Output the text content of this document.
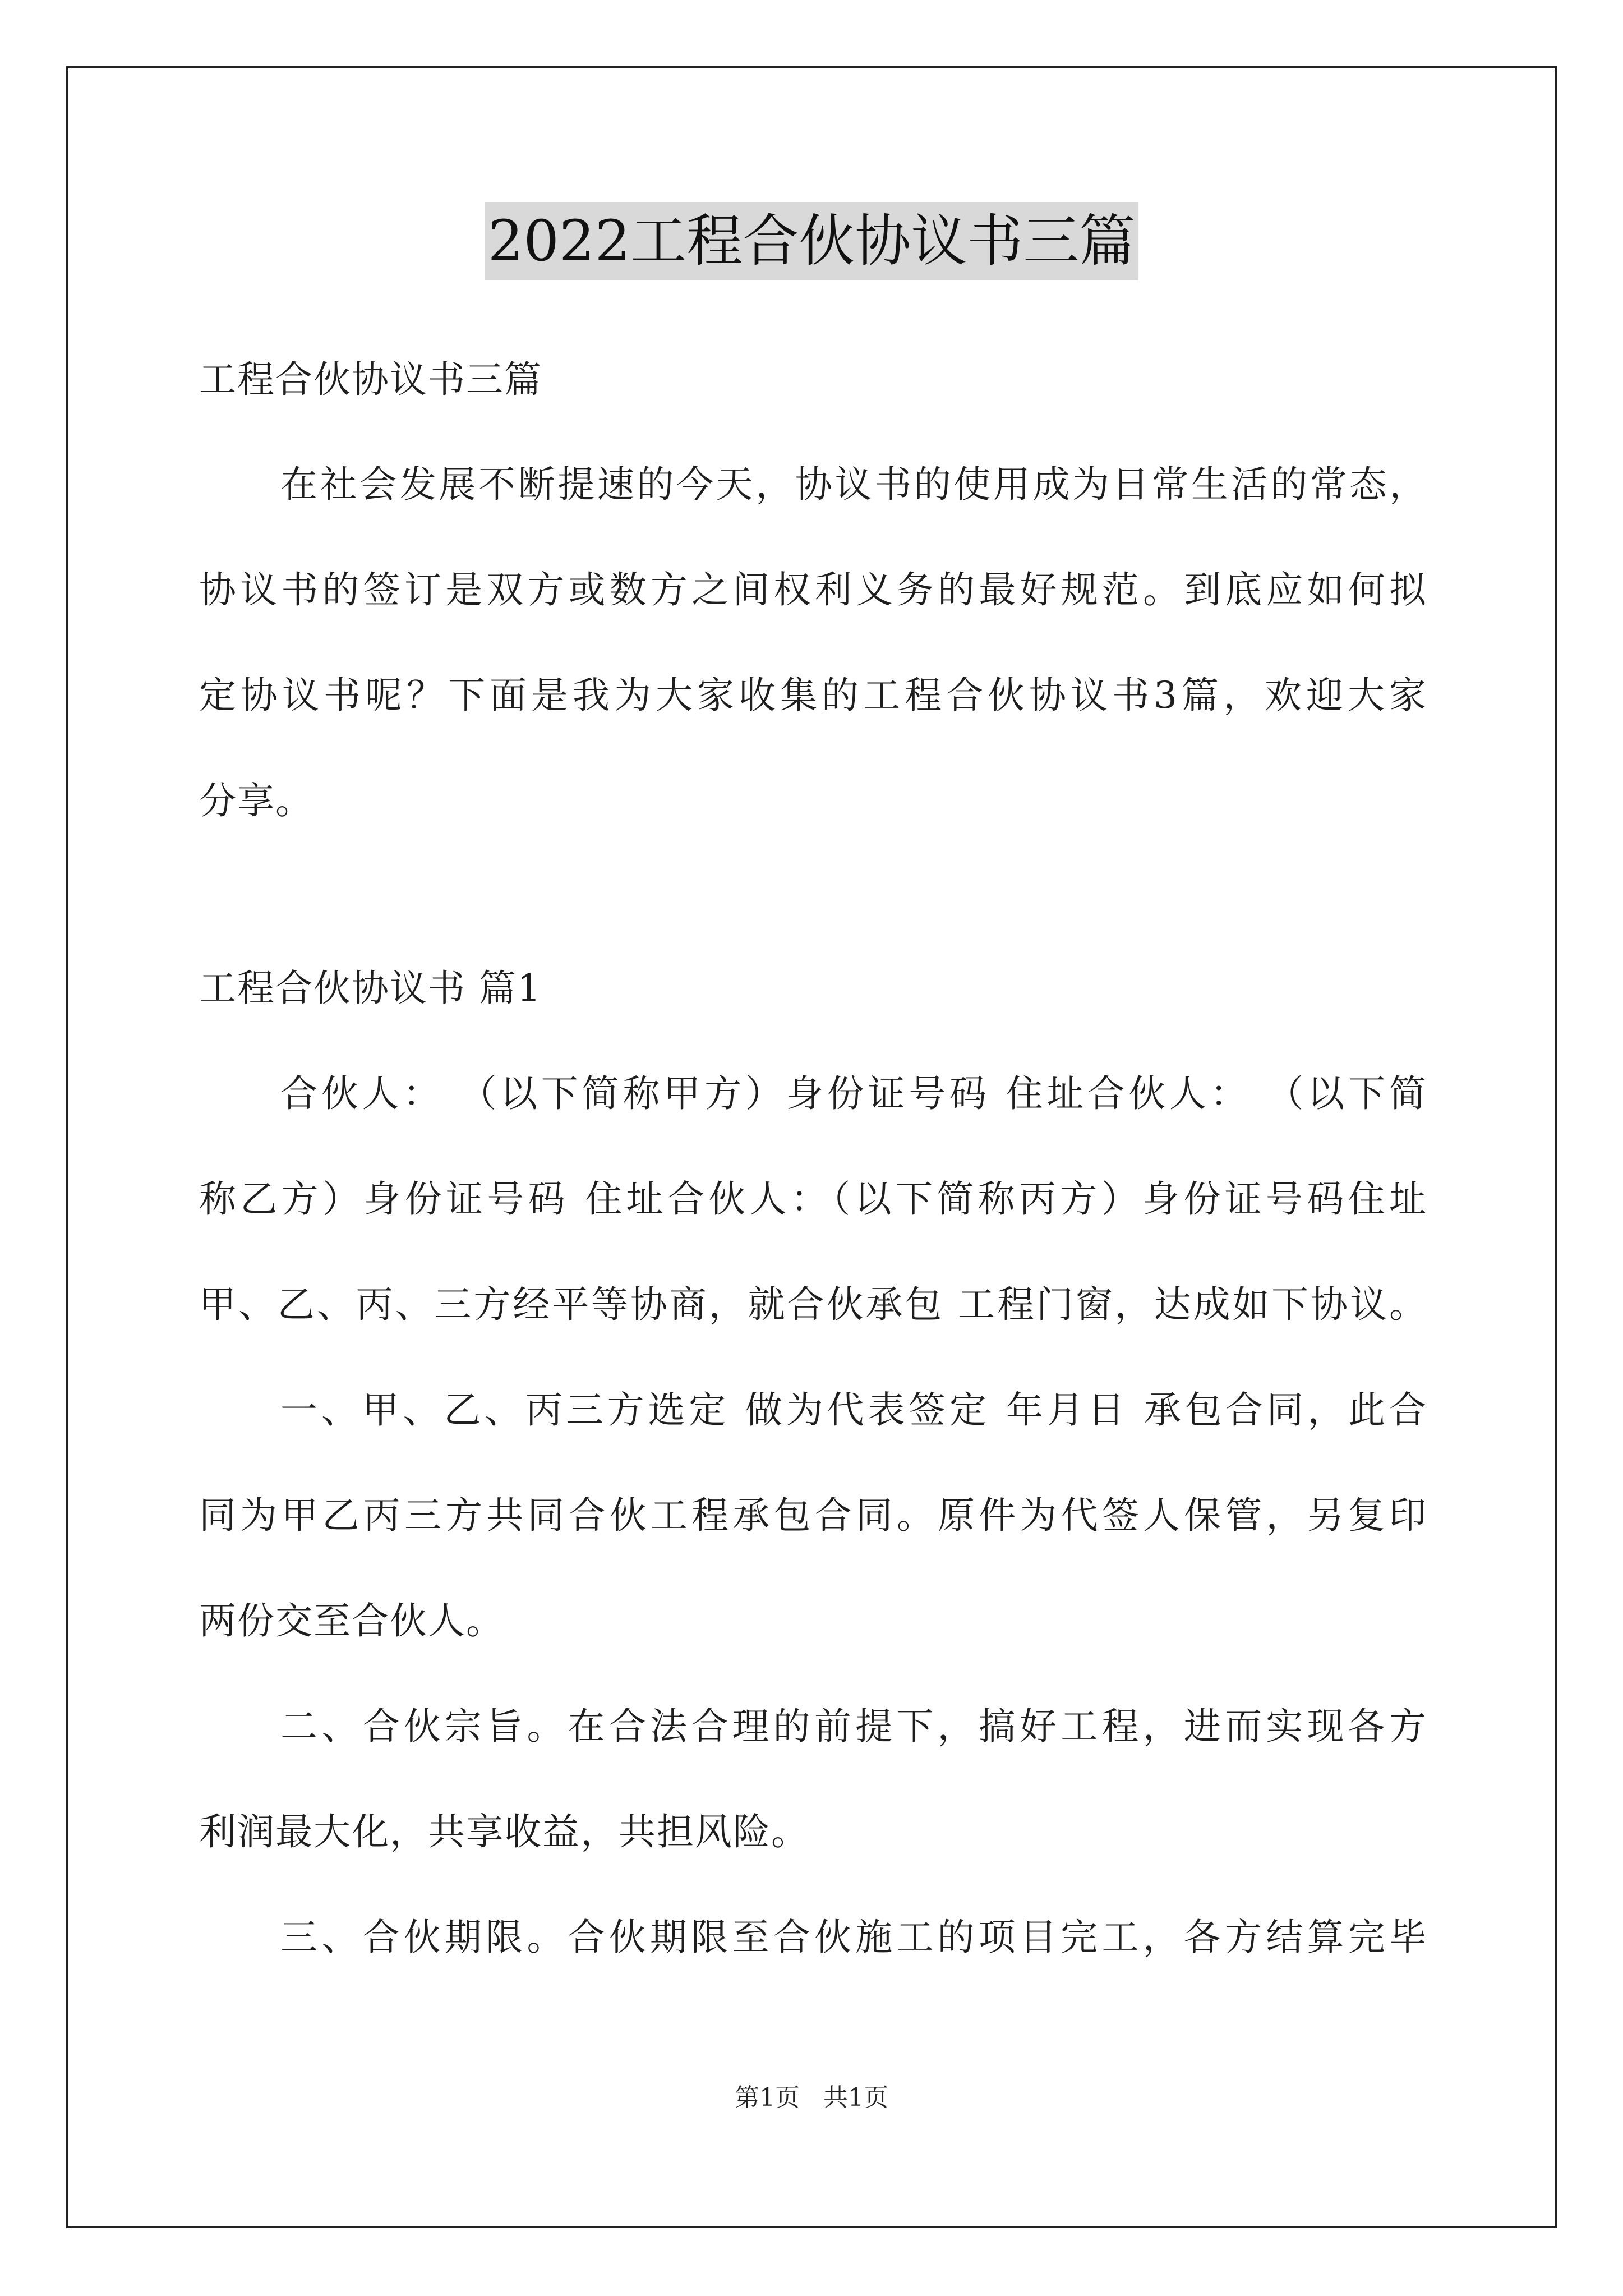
2022工程合伙协议书三篇
工程合伙协议书三篇
在社会发展不断提速的今天，协议书的使用成为日常生活的常态，
协议书的签订是双方或数方之间权利义务的最好规范。到底应如何拟
定协议书呢？下面是我为大家收集的工程合伙协议书3篇，欢迎大家
分享。
工程合伙协议书 篇1
合伙人： （以下简称甲方）身份证号码 住址合伙人： （以下简
称乙方）身份证号码 住址合伙人：（以下简称丙方）身份证号码住址
甲、乙、丙、三方经平等协商，就合伙承包 工程门窗，达成如下协议。
一、甲、乙、丙三方选定 做为代表签定 年月日 承包合同，此合
同为甲乙丙三方共同合伙工程承包合同。原件为代签人保管，另复印
两份交至合伙人。
二、合伙宗旨。在合法合理的前提下，搞好工程，进而实现各方
利润最大化，共享收益，共担风险。
三、合伙期限。合伙期限至合伙施工的项目完工，各方结算完毕
第1页 共1页
